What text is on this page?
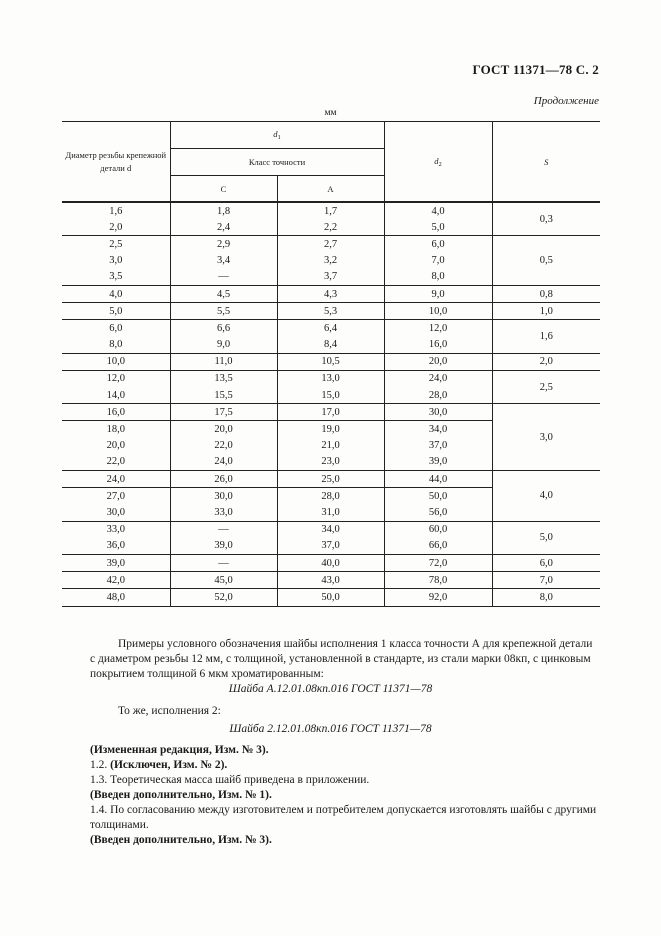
ГОСТ 11371—78 С. 2
Продолжение
мм
Диаметр резьбы крепежной детали d	$d_1$		$d_2$	S
	Класс точности			
	С	А		
1,6	1,8	1,7	4,0	0,3
2,0	2,4	2,2	5,0	
2,5	2,9	2,7	6,0	0,5
3,0	3,4	3,2	7,0	
3,5	—	3,7	8,0	
4,0	4,5	4,3	9,0	0,8
5,0	5,5	5,3	10,0	1,0
6,0	6,6	6,4	12,0	1,6
8,0	9,0	8,4	16,0	
10,0	11,0	10,5	20,0	2,0
12,0	13,5	13,0	24,0	2,5
14,0	15,5	15,0	28,0	
16,0	17,5	17,0	30,0	3,0
18,0	20,0	19,0	34,0	
20,0	22,0	21,0	37,0	
22,0	24,0	23,0	39,0	
24,0	26,0	25,0	44,0	4,0
27,0	30,0	28,0	50,0	
30,0	33,0	31,0	56,0	
33,0	—	34,0	60,0	5,0
36,0	39,0	37,0	66,0	
39,0	—	40,0	72,0	6,0
42,0	45,0	43,0	78,0	7,0
48,0	52,0	50,0	92,0	8,0
Примеры условного обозначения шайбы исполнения 1 класса точности А для крепежной детали с диаметром резьбы 12 мм, с толщиной, установленной в стандарте, из стали марки 08кп, с цинковым покрытием толщиной 6 мкм хроматированным:
Шайба А.12.01.08кп.016 ГОСТ 11371—78
То же, исполнения 2:
Шайба 2.12.01.08кп.016 ГОСТ 11371—78
(Измененная редакция, Изм. № 3).
1.2. (Исключен, Изм. № 2).
1.3. Теоретическая масса шайб приведена в приложении.
(Введен дополнительно, Изм. № 1).
1.4. По согласованию между изготовителем и потребителем допускается изготовлять шайбы с другими толщинами.
(Введен дополнительно, Изм. № 3).
